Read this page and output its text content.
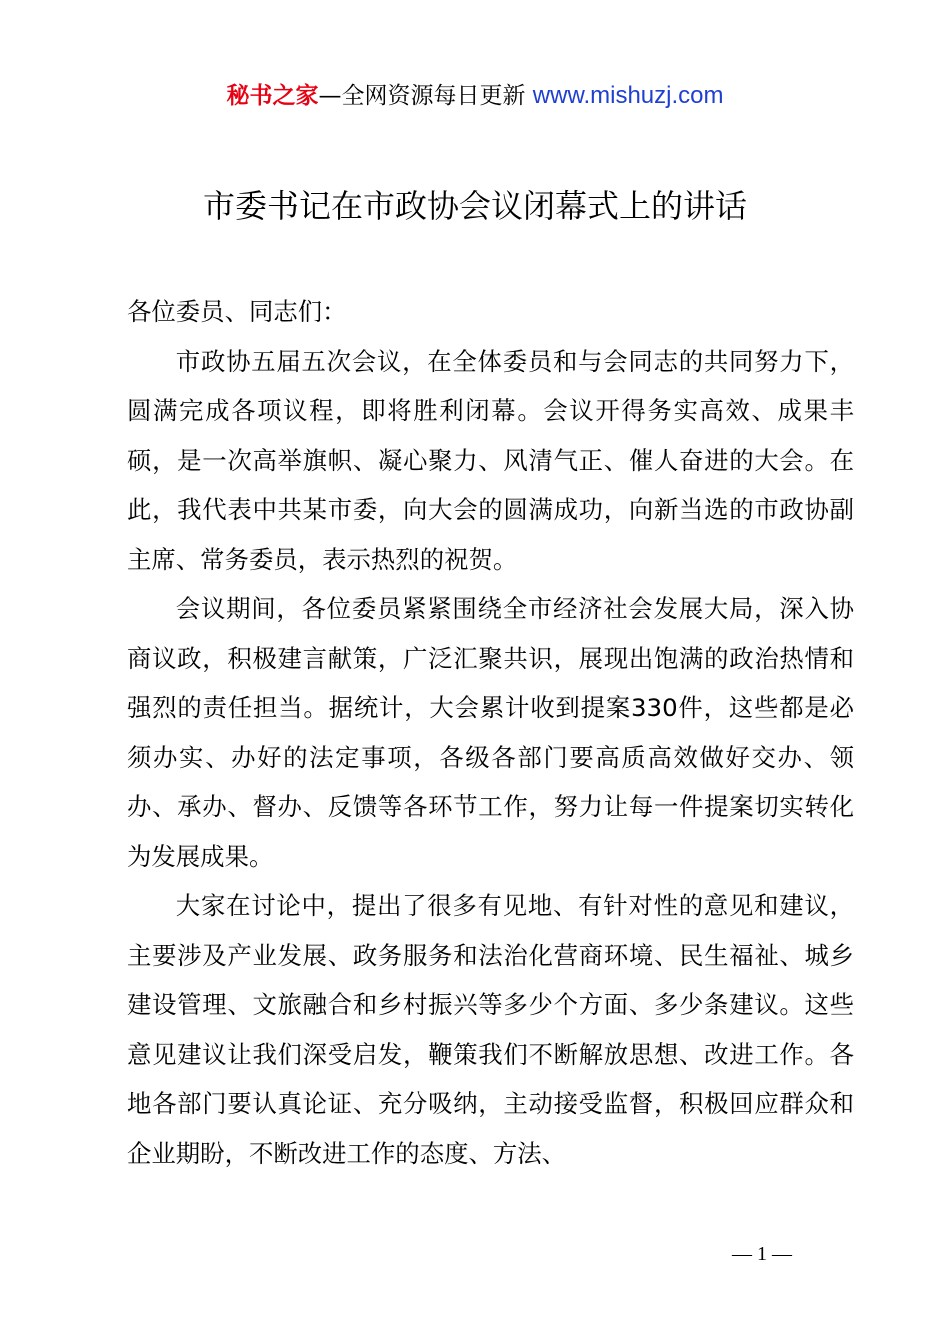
秘书之家—全网资源每日更新 www.mishuzj.com
市委书记在市政协会议闭幕式上的讲话

各位委员、同志们：

市政协五届五次会议，在全体委员和与会同志的共同努力下，圆满完成各项议程，即将胜利闭幕。会议开得务实高效、成果丰硕，是一次高举旗帜、凝心聚力、风清气正、催人奋进的大会。在此，我代表中共某市委，向大会的圆满成功，向新当选的市政协副主席、常务委员，表示热烈的祝贺。

会议期间，各位委员紧紧围绕全市经济社会发展大局，深入协商议政，积极建言献策，广泛汇聚共识，展现出饱满的政治热情和强烈的责任担当。据统计，大会累计收到提案330件，这些都是必须办实、办好的法定事项，各级各部门要高质高效做好交办、领办、承办、督办、反馈等各环节工作，努力让每一件提案切实转化为发展成果。

大家在讨论中，提出了很多有见地、有针对性的意见和建议，主要涉及产业发展、政务服务和法治化营商环境、民生福祉、城乡建设管理、文旅融合和乡村振兴等多少个方面、多少条建议。这些意见建议让我们深受启发，鞭策我们不断解放思想、改进工作。各地各部门要认真论证、充分吸纳，主动接受监督，积极回应群众和企业期盼，不断改进工作的态度、方法、

— 1 —
